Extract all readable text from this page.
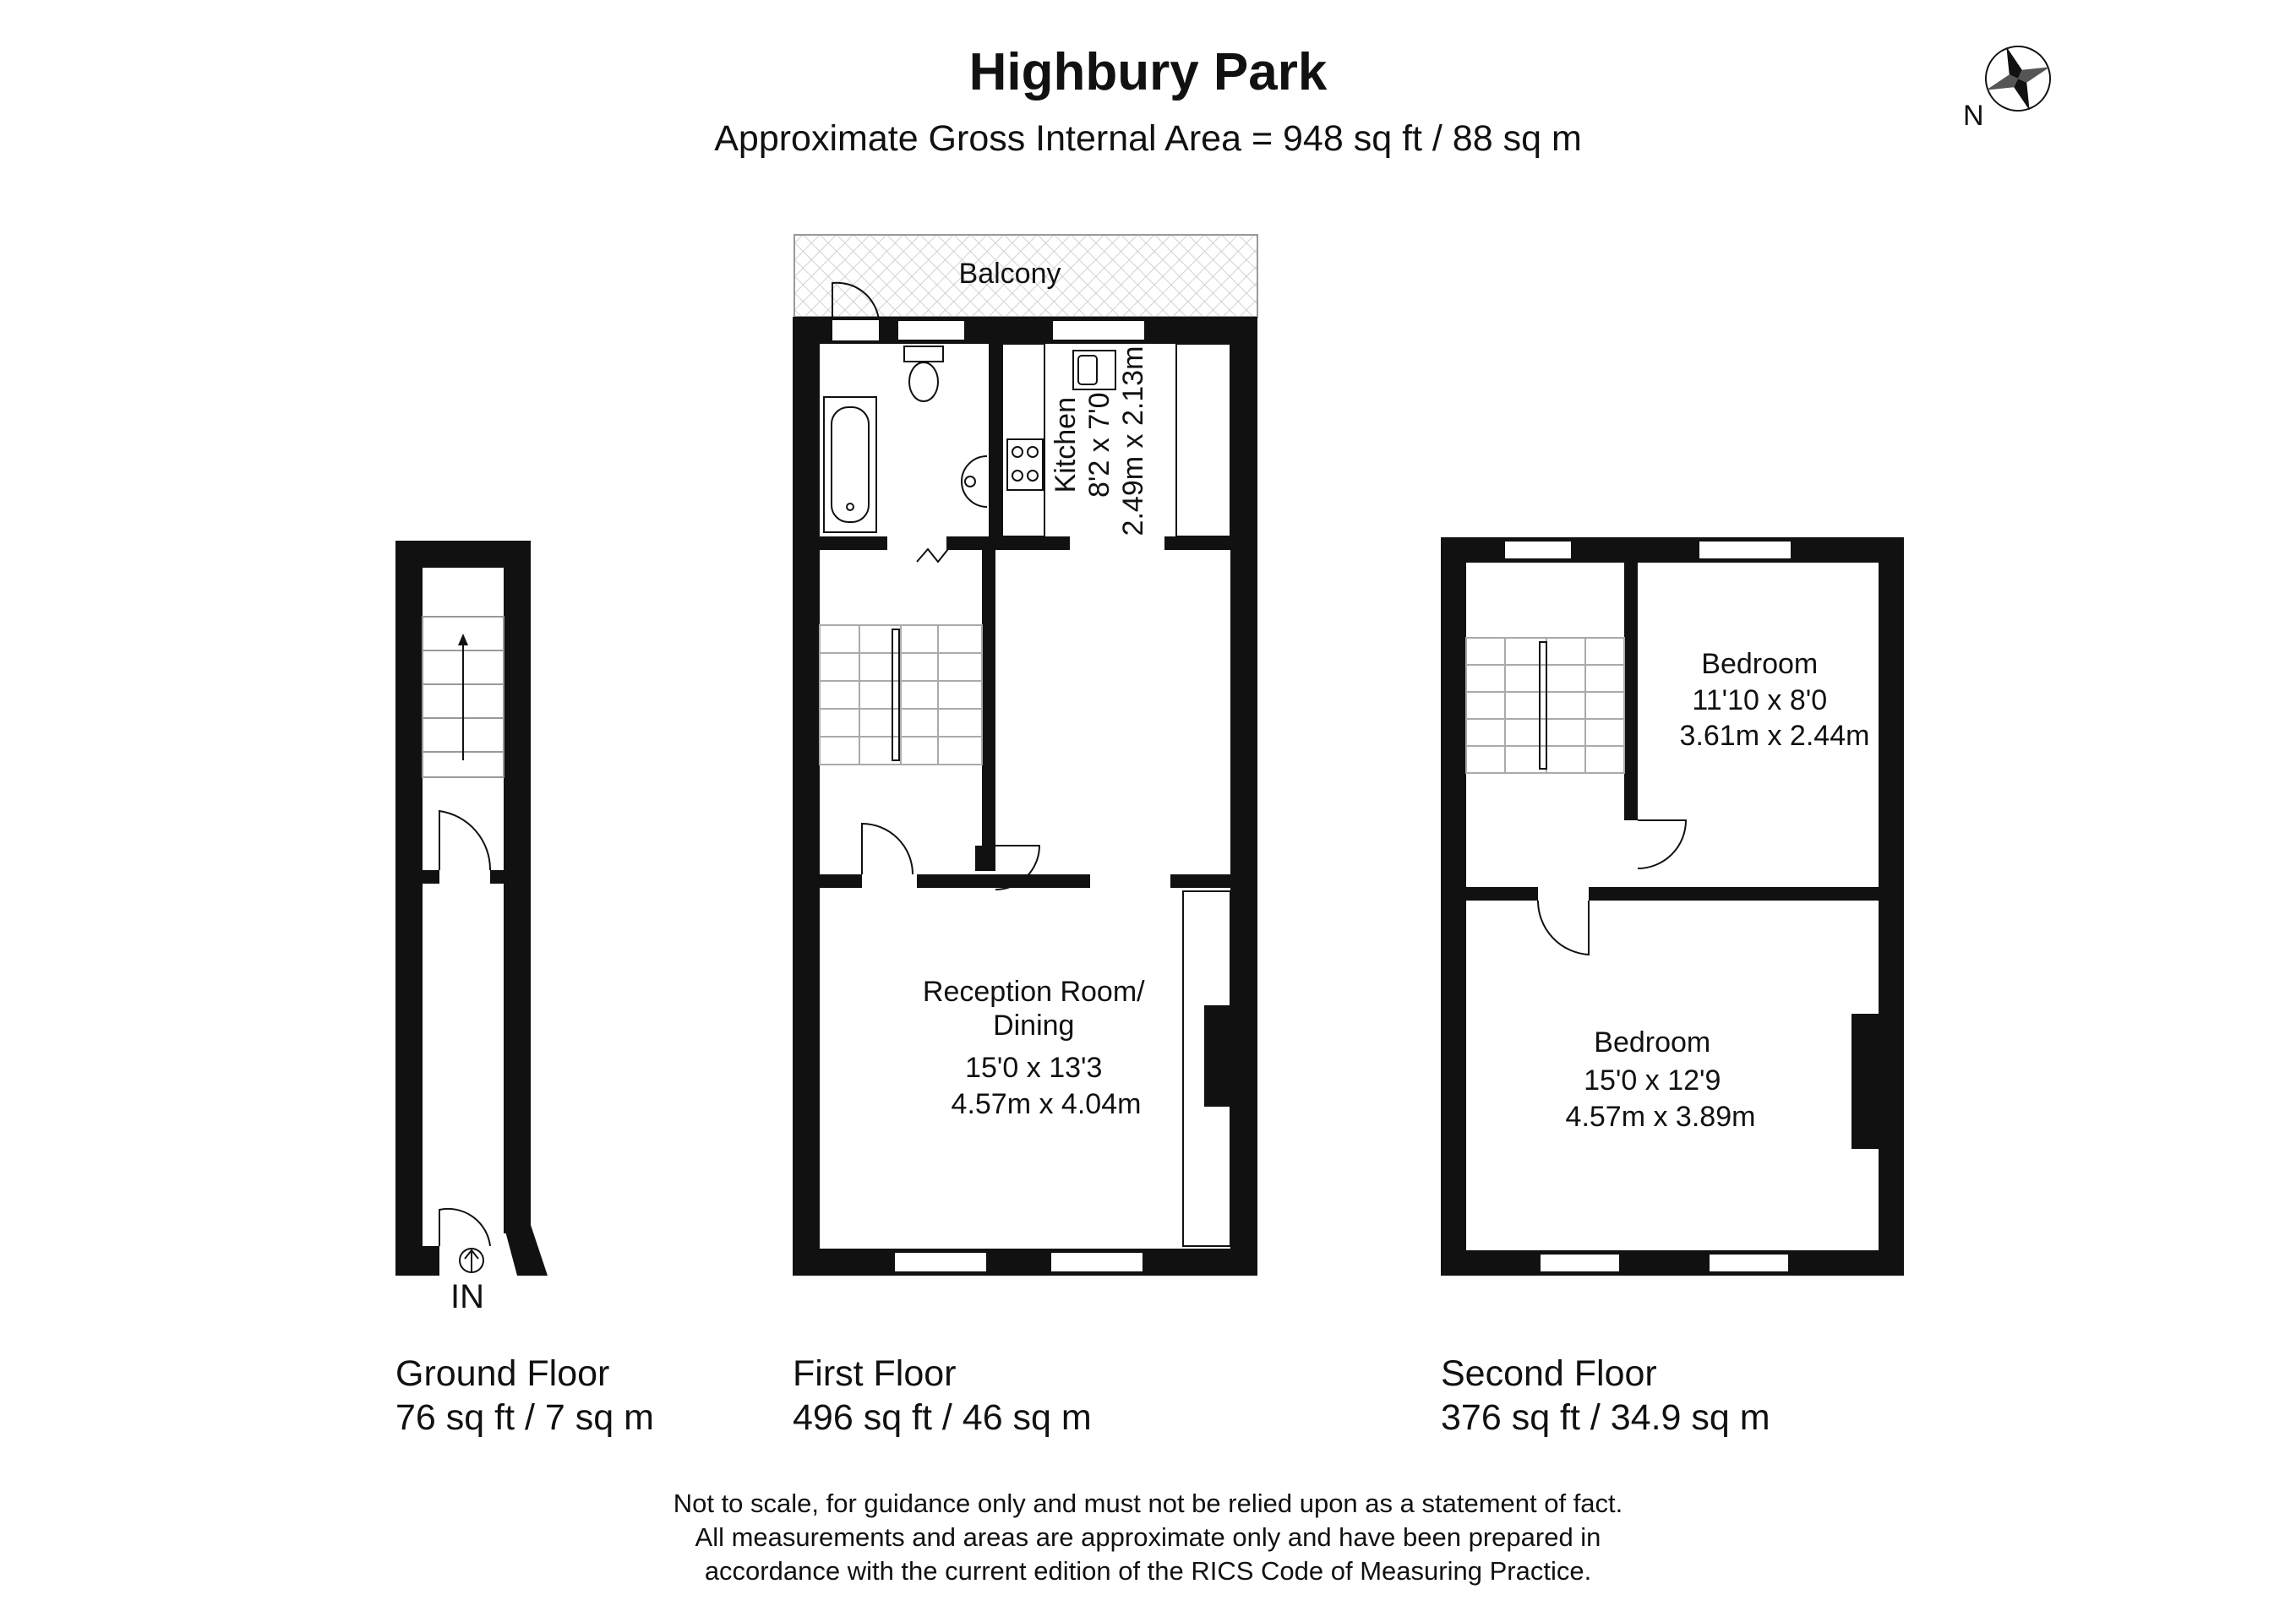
Highbury Park
Approximate Gross Internal Area = 948 sq ft / 88 sq m
N
IN
Balcony
Kitchen 8'2 x 7'0 2.49m x 2.13m
Reception Room/ Dining 15'0 x 13'3 4.57m x 4.04m
Bedroom 11'10 x 8'0 3.61m x 2.44m
Bedroom 15'0 x 12'9 4.57m x 3.89m
Ground Floor
76 sq ft / 7 sq m
First Floor
496 sq ft / 46 sq m
Second Floor
376 sq ft / 34.9 sq m
Not to scale, for guidance only and must not be relied upon as a statement of fact.
All measurements and areas are approximate only and have been prepared in
accordance with the current edition of the RICS Code of Measuring Practice.
